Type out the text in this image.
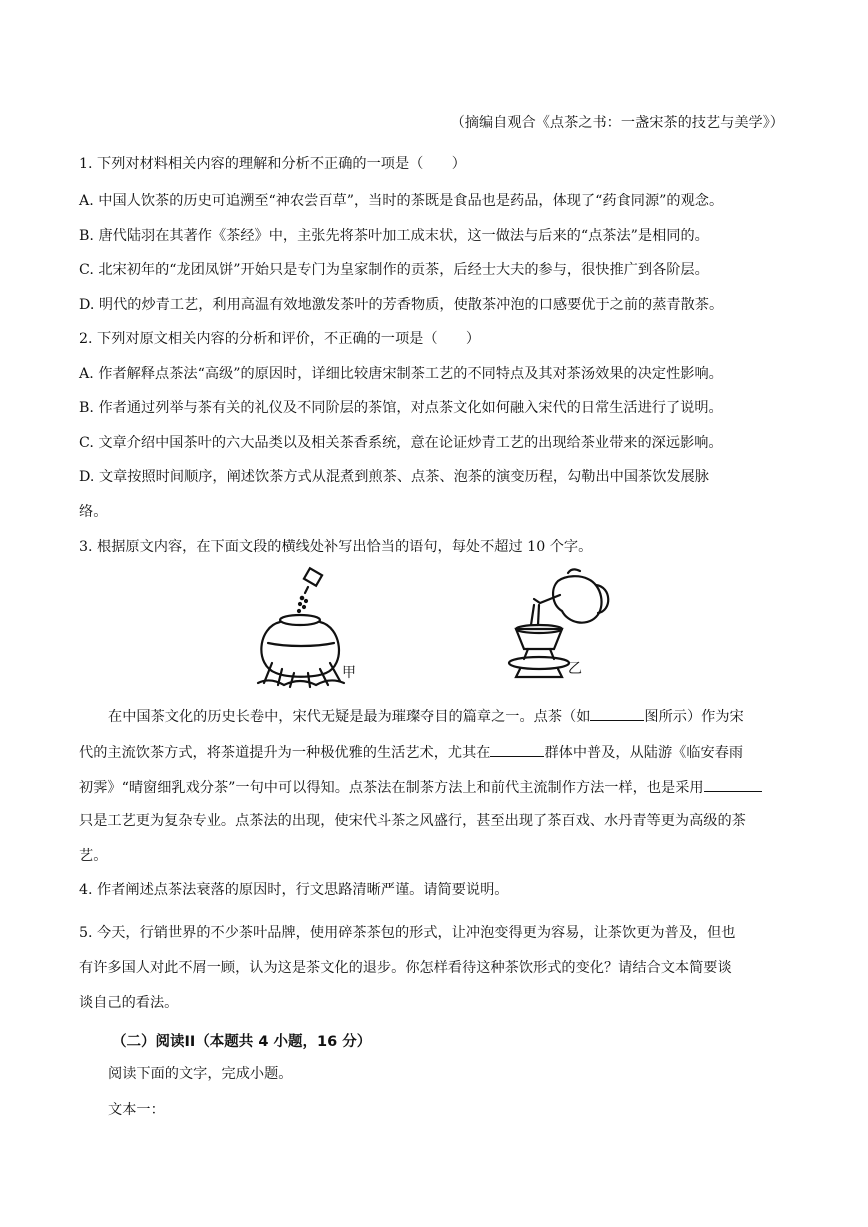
（摘编自观合《点茶之书：一盏宋茶的技艺与美学》）
1. 下列对材料相关内容的理解和分析不正确的一项是（　　）
A. 中国人饮茶的历史可追溯至“神农尝百草”，当时的茶既是食品也是药品，体现了“药食同源”的观念。
B. 唐代陆羽在其著作《茶经》中，主张先将茶叶加工成末状，这一做法与后来的“点茶法”是相同的。
C. 北宋初年的“龙团凤饼”开始只是专门为皇家制作的贡茶，后经士大夫的参与，很快推广到各阶层。
D. 明代的炒青工艺，利用高温有效地激发茶叶的芳香物质，使散茶冲泡的口感要优于之前的蒸青散茶。
2. 下列对原文相关内容的分析和评价，不正确的一项是（　　）
A. 作者解释点茶法“高级”的原因时，详细比较唐宋制茶工艺的不同特点及其对茶汤效果的决定性影响。
B. 作者通过列举与茶有关的礼仪及不同阶层的茶馆，对点茶文化如何融入宋代的日常生活进行了说明。
C. 文章介绍中国茶叶的六大品类以及相关茶香系统，意在论证炒青工艺的出现给茶业带来的深远影响。
D. 文章按照时间顺序，阐述饮茶方式从混煮到煎茶、点茶、泡茶的演变历程，勾勒出中国茶饮发展脉
络。
3. 根据原文内容，在下面文段的横线处补写出恰当的语句，每处不超过 10 个字。
甲	乙
在中国茶文化的历史长卷中，宋代无疑是最为璀璨夺目的篇章之一。点茶（如	图所示）作为宋
代的主流饮茶方式，将茶道提升为一种极优雅的生活艺术，尤其在	群体中普及，从陆游《临安春雨
初霁》“晴窗细乳戏分茶”一句中可以得知。点茶法在制茶方法上和前代主流制作方法一样，也是采用
只是工艺更为复杂专业。点茶法的出现，使宋代斗茶之风盛行，甚至出现了茶百戏、水丹青等更为高级的茶
艺。
4. 作者阐述点茶法衰落的原因时，行文思路清晰严谨。请简要说明。
5. 今天，行销世界的不少茶叶品牌，使用碎茶茶包的形式，让冲泡变得更为容易，让茶饮更为普及，但也
有许多国人对此不屑一顾，认为这是茶文化的退步。你怎样看待这种茶饮形式的变化？请结合文本简要谈
谈自己的看法。
（二）阅读II（本题共 4 小题，16 分）
阅读下面的文字，完成小题。
文本一：
